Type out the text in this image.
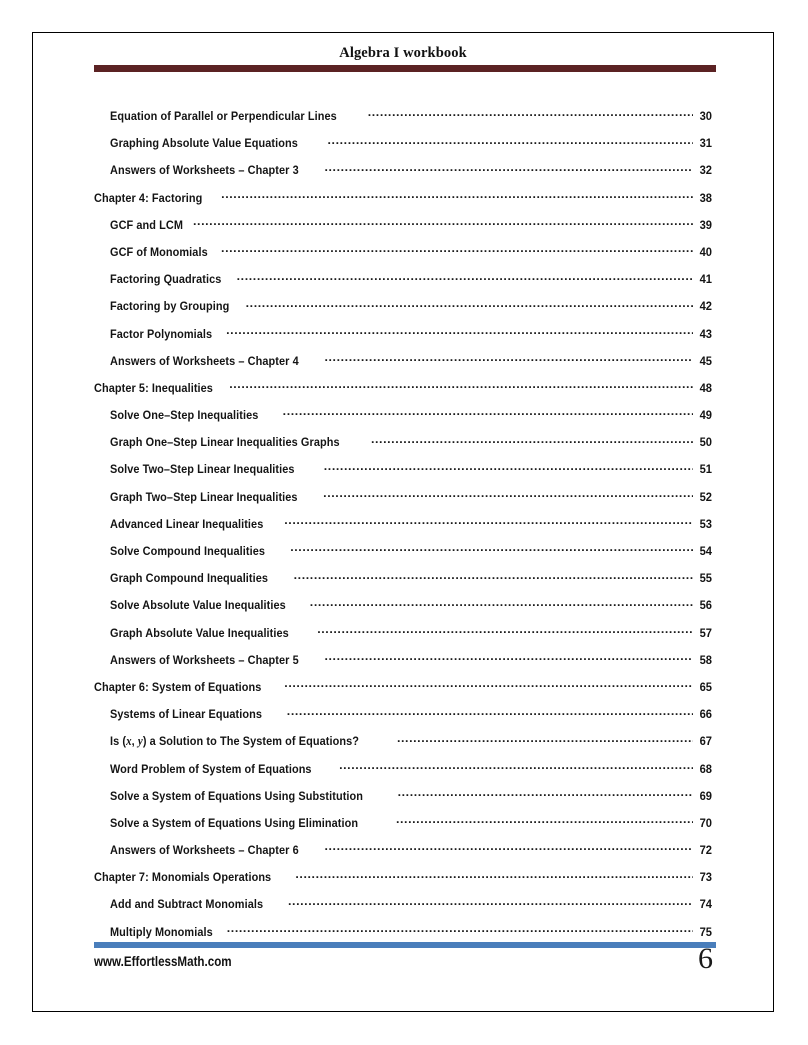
Algebra I workbook
Equation of Parallel or Perpendicular Lines .....	30
Graphing Absolute Value Equations .....	31
Answers of Worksheets – Chapter 3 .....	32
Chapter 4: Factoring .....	38
GCF and LCM .....	39
GCF of Monomials .....	40
Factoring Quadratics .....	41
Factoring by Grouping .....	42
Factor Polynomials .....	43
Answers of Worksheets – Chapter 4 .....	45
Chapter 5: Inequalities .....	48
Solve One–Step Inequalities .....	49
Graph One–Step Linear Inequalities Graphs .....	50
Solve Two–Step Linear Inequalities .....	51
Graph Two–Step Linear Inequalities .....	52
Advanced Linear Inequalities .....	53
Solve Compound Inequalities .....	54
Graph Compound Inequalities .....	55
Solve Absolute Value Inequalities .....	56
Graph Absolute Value Inequalities .....	57
Answers of Worksheets – Chapter 5 .....	58
Chapter 6: System of Equations .....	65
Systems of Linear Equations .....	66
Is (x, y) a Solution to The System of Equations? .....	67
Word Problem of System of Equations .....	68
Solve a System of Equations Using Substitution .....	69
Solve a System of Equations Using Elimination .....	70
Answers of Worksheets – Chapter 6 .....	72
Chapter 7: Monomials Operations .....	73
Add and Subtract Monomials .....	74
Multiply Monomials .....	75
www.EffortlessMath.com	6
